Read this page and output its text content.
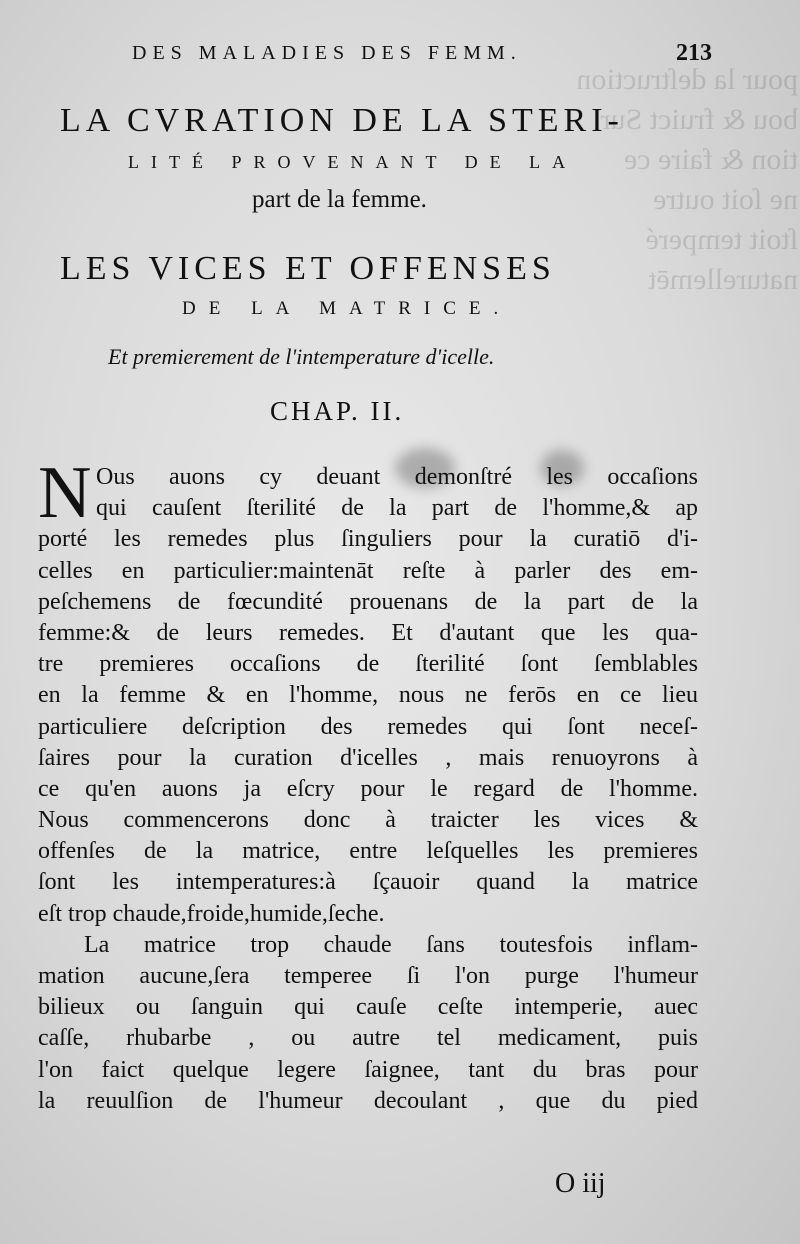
pour la deſtruction
bou & fruict Sur
tion & faire ce
ne ſoit outre
ſtoit temperé
naturellemēt
DES MALADIES DES FEMM.	213
LA CVRATION DE LA STERI-
LITÉ PROVENANT DE LA
part de la femme.
LES VICES ET OFFENSES
DE LA MATRICE.
Et premierement de l'intemperature d'icelle.
CHAP. II.
N Ous auons cy deuant demonſtré les occaſions
qui cauſent ſterilité de la part de l'homme,& ap
porté les remedes plus ſinguliers pour la curatiō d'i-
celles en particulier:maintenāt reſte à parler des em-
peſchemens de fœcundité prouenans de la part de la
femme:& de leurs remedes. Et d'autant que les qua-
tre premieres occaſions de ſterilité ſont ſemblables
en la femme & en l'homme, nous ne ferōs en ce lieu
particuliere deſcription des remedes qui ſont neceſ-
ſaires pour la curation d'icelles , mais renuoyrons à
ce qu'en auons ja eſcry pour le regard de l'homme.
Nous commencerons donc à traicter les vices &
offenſes de la matrice, entre leſquelles les premieres
ſont les intemperatures:à ſçauoir quand la matrice
eſt trop chaude,froide,humide,ſeche.
La matrice trop chaude ſans toutesfois inflam-
mation aucune,ſera temperee ſi l'on purge l'humeur
bilieux ou ſanguin qui cauſe ceſte intemperie, auec
caſſe, rhubarbe , ou autre tel medicament, puis
l'on faict quelque legere ſaignee, tant du bras pour
la reuulſion de l'humeur decoulant , que du pied
O iij
